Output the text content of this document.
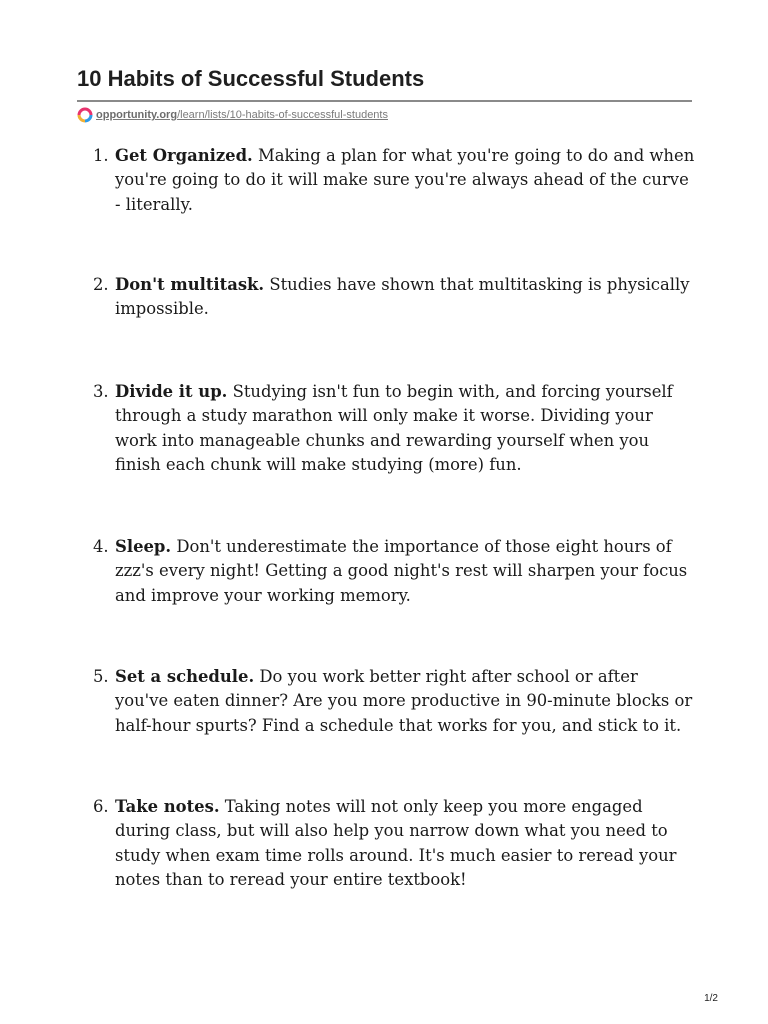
10 Habits of Successful Students
opportunity.org/learn/lists/10-habits-of-successful-students
1. Get Organized. Making a plan for what you're going to do and when you're going to do it will make sure you're always ahead of the curve - literally.
2. Don't multitask. Studies have shown that multitasking is physically impossible.
3. Divide it up. Studying isn't fun to begin with, and forcing yourself through a study marathon will only make it worse. Dividing your work into manageable chunks and rewarding yourself when you finish each chunk will make studying (more) fun.
4. Sleep. Don't underestimate the importance of those eight hours of zzz's every night! Getting a good night's rest will sharpen your focus and improve your working memory.
5. Set a schedule. Do you work better right after school or after you've eaten dinner? Are you more productive in 90-minute blocks or half-hour spurts? Find a schedule that works for you, and stick to it.
6. Take notes. Taking notes will not only keep you more engaged during class, but will also help you narrow down what you need to study when exam time rolls around. It's much easier to reread your notes than to reread your entire textbook!
1/2
